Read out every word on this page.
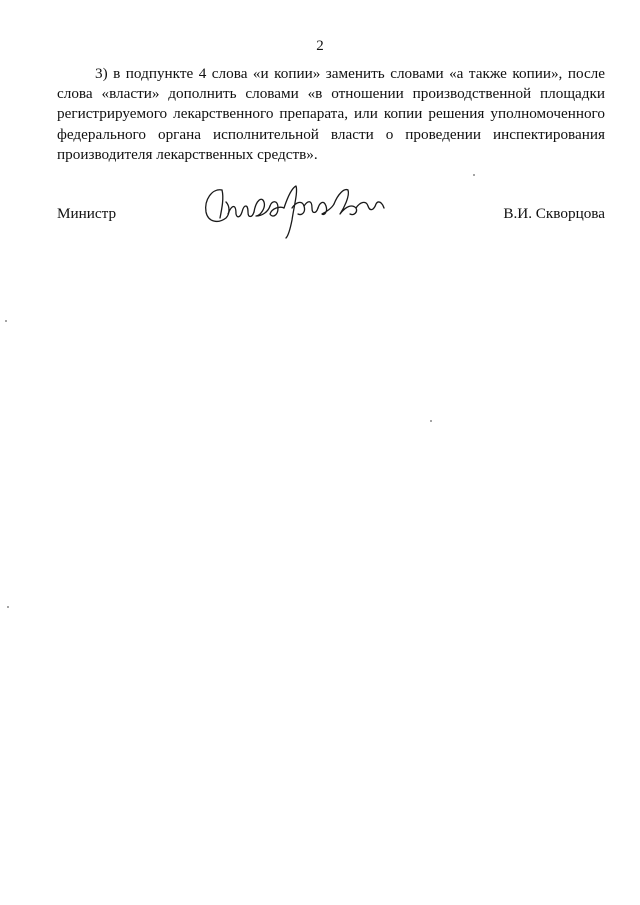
2

3) в подпункте 4 слова «и копии» заменить словами «а также копии», после слова «власти» дополнить словами «в отношении производственной площадки регистрируемого лекарственного препарата, или копии решения уполномоченного федерального органа исполнительной власти о проведении инспектирования производителя лекарственных средств».

Министр	В.И. Скворцова
